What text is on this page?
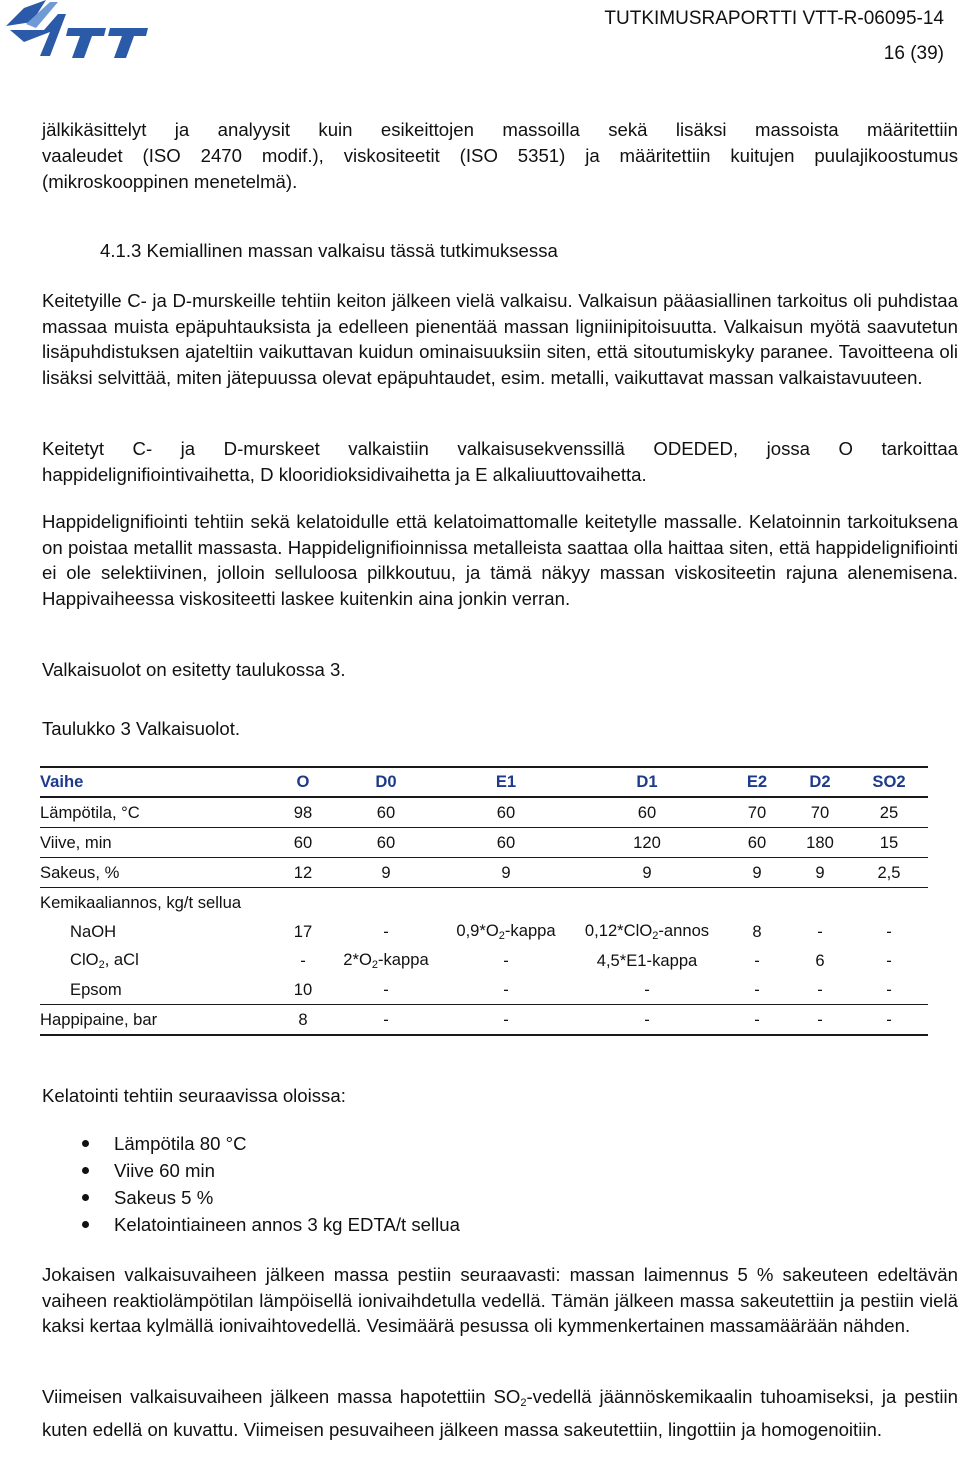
TUTKIMUSRAPORTTI VTT-R-06095-14
16 (39)

jälkikäsittelyt ja analyysit kuin esikeittojen massoilla sekä lisäksi massoista määritettiin

vaaleudet (ISO 2470 modif.), viskositeetit (ISO 5351) ja määritettiin kuitujen puulajikoostumus

(mikroskooppinen menetelmä).

4.1.3 Kemiallinen massan valkaisu tässä tutkimuksessa

Keitetyille C- ja D-murskeille tehtiin keiton jälkeen vielä valkaisu. Valkaisun pääasiallinen tarkoitus oli puhdistaa massaa muista epäpuhtauksista ja edelleen pienentää massan ligniinipitoisuutta. Valkaisun myötä saavutetun lisäpuhdistuksen ajateltiin vaikuttavan kuidun ominaisuuksiin siten, että sitoutumiskyky paranee. Tavoitteena oli lisäksi selvittää, miten jätepuussa olevat epäpuhtaudet, esim. metalli, vaikuttavat massan valkaistavuuteen.

Keitetyt C- ja D-murskeet valkaistiin valkaisusekvenssillä ODEDED, jossa O tarkoittaa happidelignifiointivaihetta, D klooridioksidivaihetta ja E alkaliuuttovaihetta.

Happidelignifiointi tehtiin sekä kelatoidulle että kelatoimattomalle keitetylle massalle. Kelatoinnin tarkoituksena on poistaa metallit massasta. Happidelignifioinnissa metalleista saattaa olla haittaa siten, että happidelignifiointi ei ole selektiivinen, jolloin selluloosa pilkkoutuu, ja tämä näkyy massan viskositeetin rajuna alenemisena. Happivaiheessa viskositeetti laskee kuitenkin aina jonkin verran.

Valkaisuolot on esitetty taulukossa 3.

Taulukko 3 Valkaisuolot.

Vaihe	O	D0	E1	D1	E2	D2	SO2
Lämpötila, °C	98	60	60	60	70	70	25
Viive, min	60	60	60	120	60	180	15
Sakeus, %	12	9	9	9	9	9	2,5
Kemikaaliannos, kg/t sellua							
NaOH	17	-	$0,9*O_2$-kappa	0,12*ClO$_2$-annos	8	-	-
ClO$_2$, aCl	-	$2*O_2$-kappa	-	4,5*E1-kappa	-	6	-
Epsom	10	-	-	-	-	-	-
Happipaine, bar	8	-	-	-	-	-	-

Kelatointi tehtiin seuraavissa oloissa:

Lämpötila 80 °C
Viive 60 min
Sakeus 5 %
Kelatointiaineen annos 3 kg EDTA/t sellua

Jokaisen valkaisuvaiheen jälkeen massa pestiin seuraavasti: massan laimennus 5 % sakeuteen edeltävän vaiheen reaktiolämpötilan lämpöisellä ionivaihdetulla vedellä. Tämän jälkeen massa sakeutettiin ja pestiin vielä kaksi kertaa kylmällä ionivaihtovedellä. Vesimäärä pesussa oli kymmenkertainen massamäärään nähden.

Viimeisen valkaisuvaiheen jälkeen massa hapotettiin $SO_2$-vedellä jäännöskemikaalin tuhoamiseksi, ja pestiin kuten edellä on kuvattu. Viimeisen pesuvaiheen jälkeen massa sakeutettiin, lingottiin ja homogenoitiin.
